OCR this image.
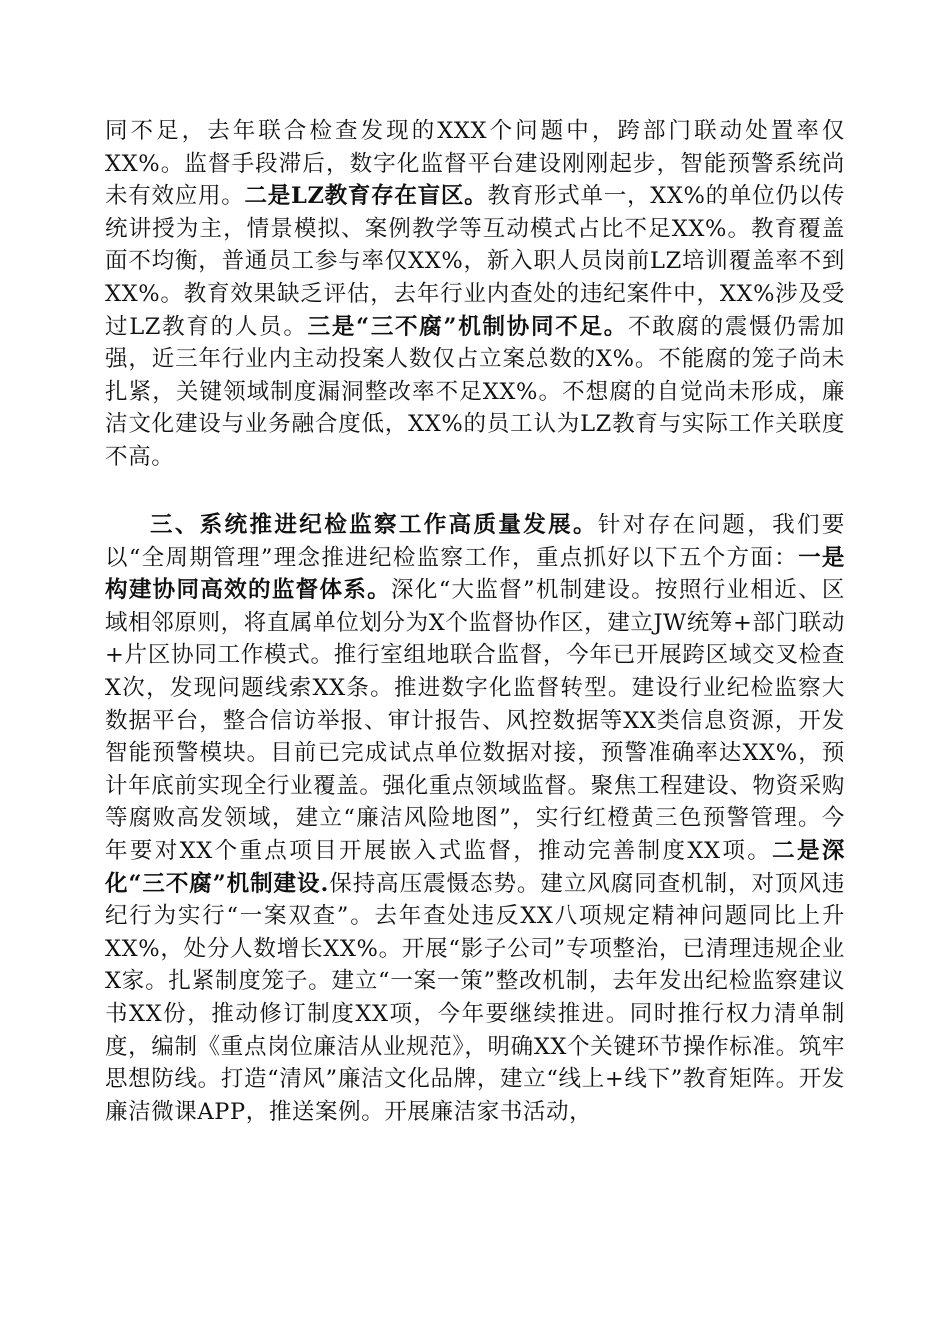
同不足，去年联合检查发现的XXX个问题中，跨部门联动处置率仅XX%。监督手段滞后，数字化监督平台建设刚刚起步，智能预警系统尚未有效应用。二是LZ教育存在盲区。教育形式单一，XX%的单位仍以传统讲授为主，情景模拟、案例教学等互动模式占比不足XX%。教育覆盖面不均衡，普通员工参与率仅XX%，新入职人员岗前LZ培训覆盖率不到XX%。教育效果缺乏评估，去年行业内查处的违纪案件中，XX%涉及受过LZ教育的人员。三是“三不腐”机制协同不足。不敢腐的震慑仍需加强，近三年行业内主动投案人数仅占立案总数的X%。不能腐的笼子尚未扎紧，关键领域制度漏洞整改率不足XX%。不想腐的自觉尚未形成，廉洁文化建设与业务融合度低，XX%的员工认为LZ教育与实际工作关联度不高。

三、系统推进纪检监察工作高质量发展。针对存在问题，我们要以“全周期管理”理念推进纪检监察工作，重点抓好以下五个方面：一是构建协同高效的监督体系。深化“大监督”机制建设。按照行业相近、区域相邻原则，将直属单位划分为X个监督协作区，建立JW统筹+部门联动+片区协同工作模式。推行室组地联合监督，今年已开展跨区域交叉检查X次，发现问题线索XX条。推进数字化监督转型。建设行业纪检监察大数据平台，整合信访举报、审计报告、风控数据等XX类信息资源，开发智能预警模块。目前已完成试点单位数据对接，预警准确率达XX%，预计年底前实现全行业覆盖。强化重点领域监督。聚焦工程建设、物资采购等腐败高发领域，建立“廉洁风险地图”，实行红橙黄三色预警管理。今年要对XX个重点项目开展嵌入式监督，推动完善制度XX项。二是深化“三不腐”机制建设.保持高压震慑态势。建立风腐同查机制，对顶风违纪行为实行“一案双查”。去年查处违反XX八项规定精神问题同比上升XX%，处分人数增长XX%。开展“影子公司”专项整治，已清理违规企业X家。扎紧制度笼子。建立“一案一策”整改机制，去年发出纪检监察建议书XX份，推动修订制度XX项，今年要继续推进。同时推行权力清单制度，编制《重点岗位廉洁从业规范》，明确XX个关键环节操作标准。筑牢思想防线。打造“清风”廉洁文化品牌，建立“线上+线下”教育矩阵。开发廉洁微课APP，推送案例。开展廉洁家书活动，
